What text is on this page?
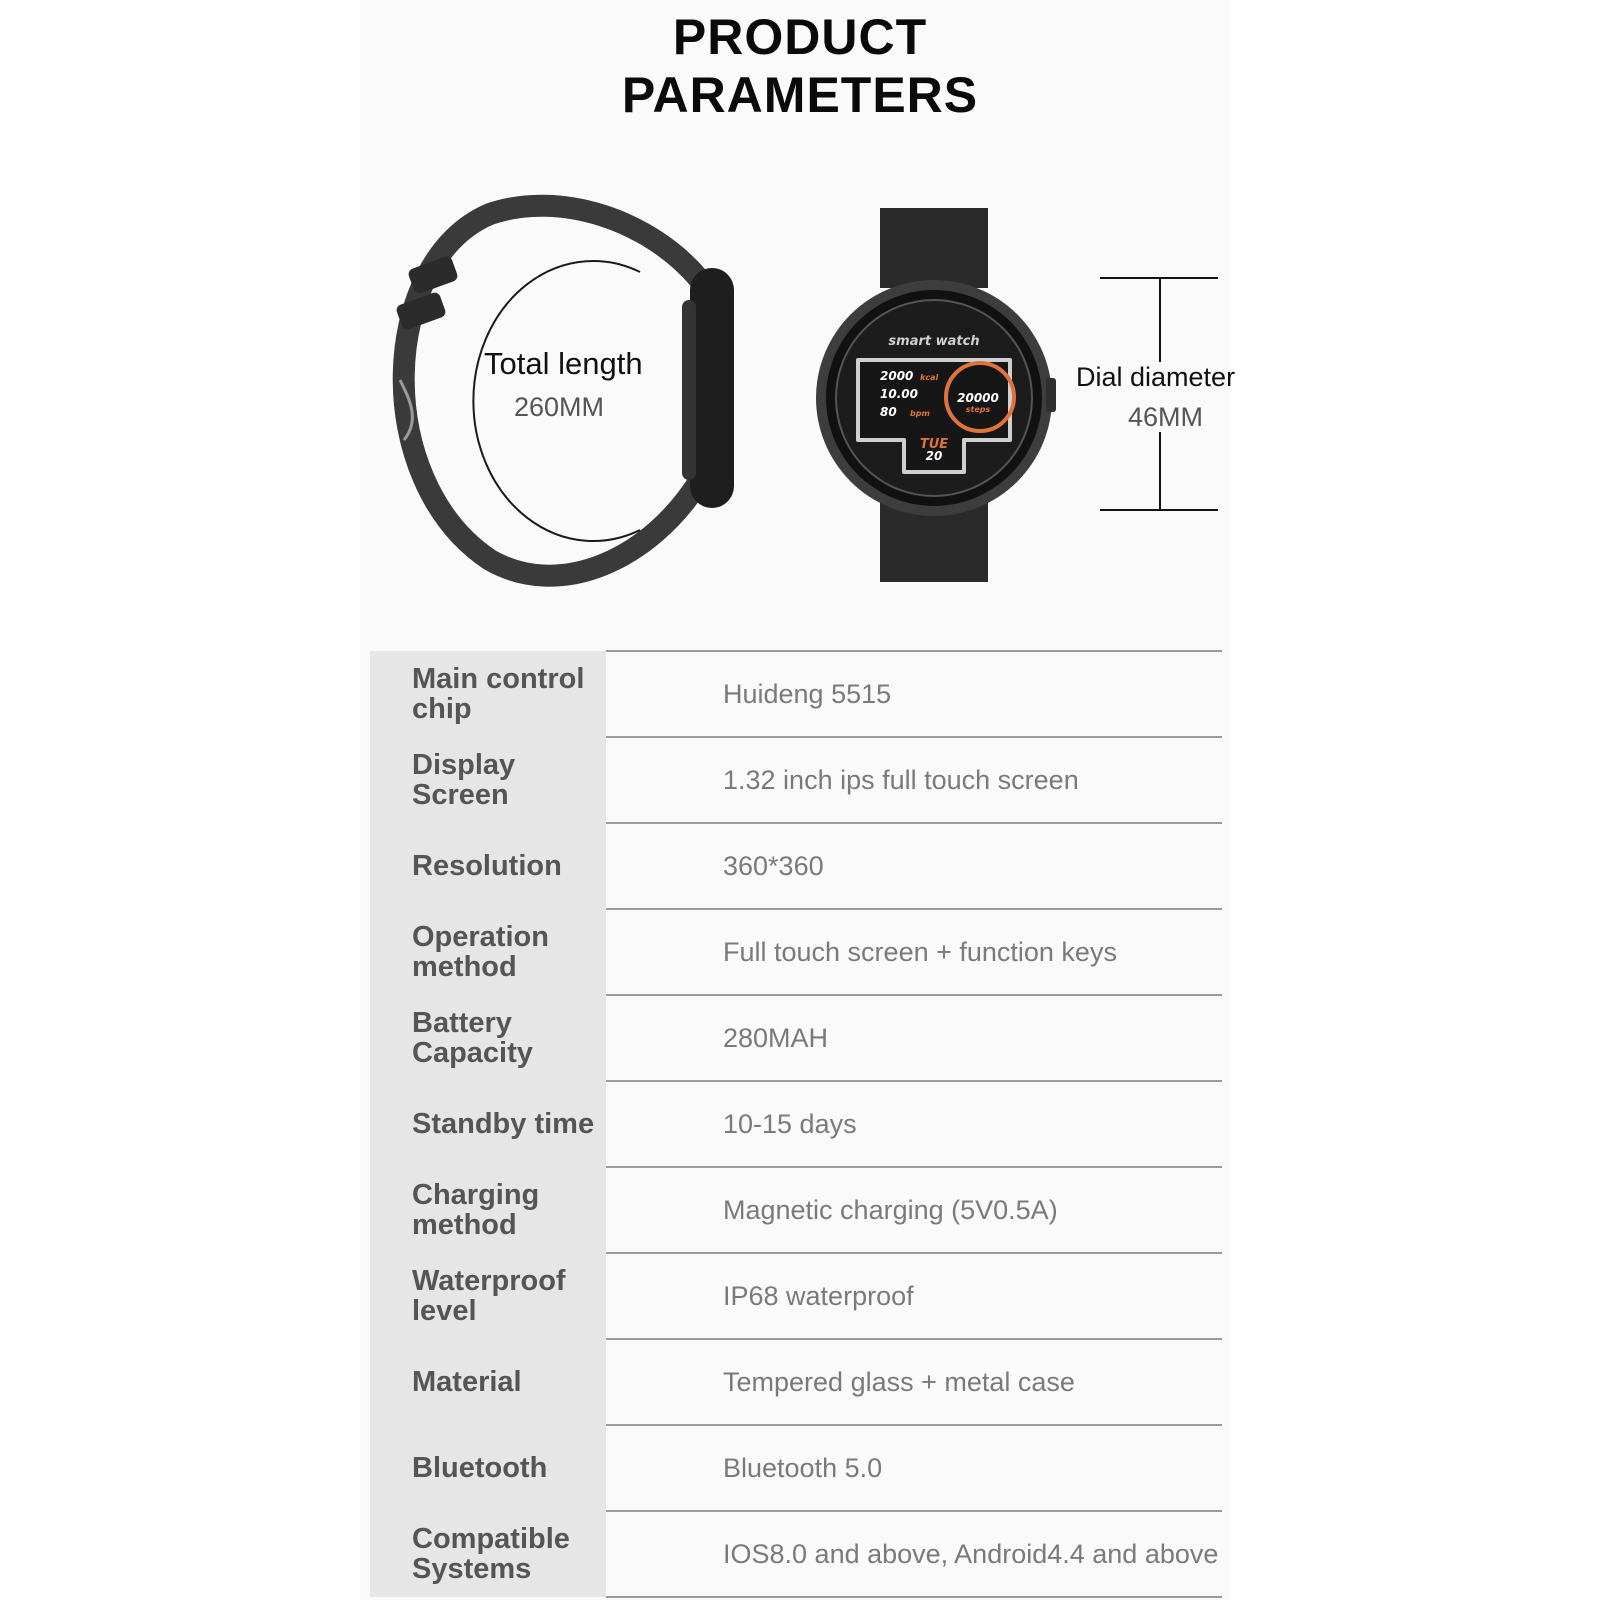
PRODUCT
PARAMETERS
smart watch
2000 kcal
10.00
80 bpm
20000
steps
TUE
20
Total length
260MM
Dial diameter
46MM
Main control chip	Huideng 5515
Display Screen	1.32 inch ips full touch screen
Resolution	360*360
Operation method	Full touch screen + function keys
Battery Capacity	280MAH
Standby time	10-15 days
Charging method	Magnetic charging (5V0.5A)
Waterproof level	IP68 waterproof
Material	Tempered glass + metal case
Bluetooth	Bluetooth 5.0
Compatible Systems	IOS8.0 and above, Android4.4 and above
